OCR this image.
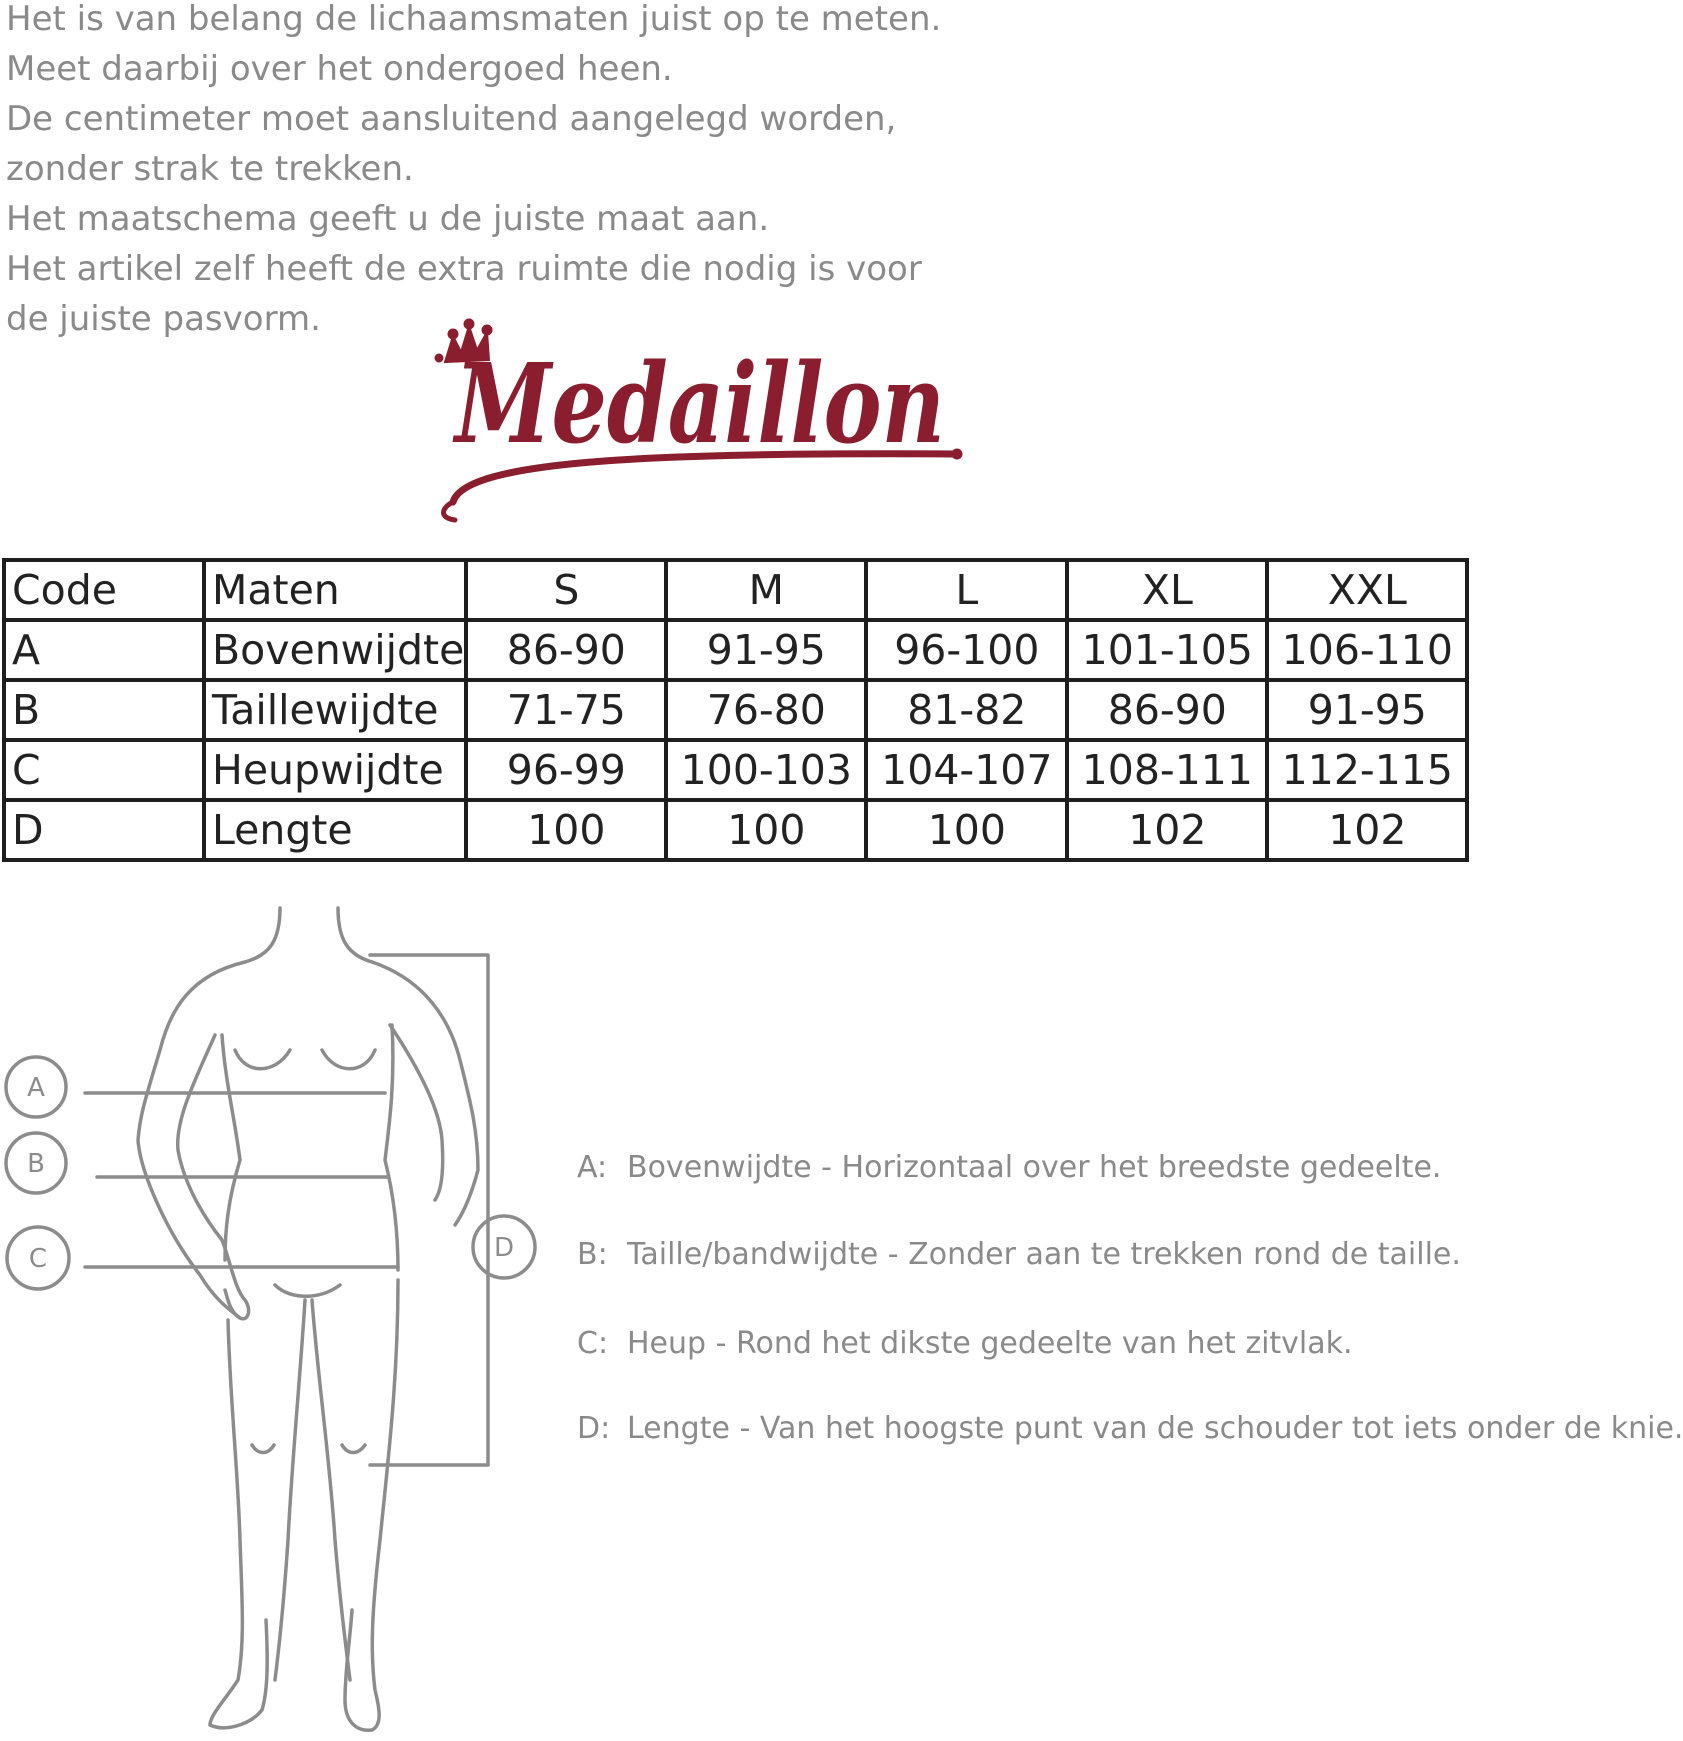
Het is van belang de lichaamsmaten juist op te meten.
Meet daarbij over het ondergoed heen.
De centimeter moet aansluitend aangelegd worden,
zonder strak te trekken.
Het maatschema geeft u de juiste maat aan.
Het artikel zelf heeft de extra ruimte die nodig is voor
de juiste pasvorm.
Medaillon
Code	Maten	S	M	L	XL	XXL
A	Bovenwijdte	86-90	91-95	96-100	101-105	106-110
B	Taillewijdte	71-75	76-80	81-82	86-90	91-95
C	Heupwijdte	96-99	100-103	104-107	108-111	112-115
D	Lengte	100	100	100	102	102
A
B
C	D
A: Bovenwijdte - Horizontaal over het breedste gedeelte.
B: Taille/bandwijdte - Zonder aan te trekken rond de taille.
C: Heup - Rond het dikste gedeelte van het zitvlak.
D: Lengte - Van het hoogste punt van de schouder tot iets onder de knie.
